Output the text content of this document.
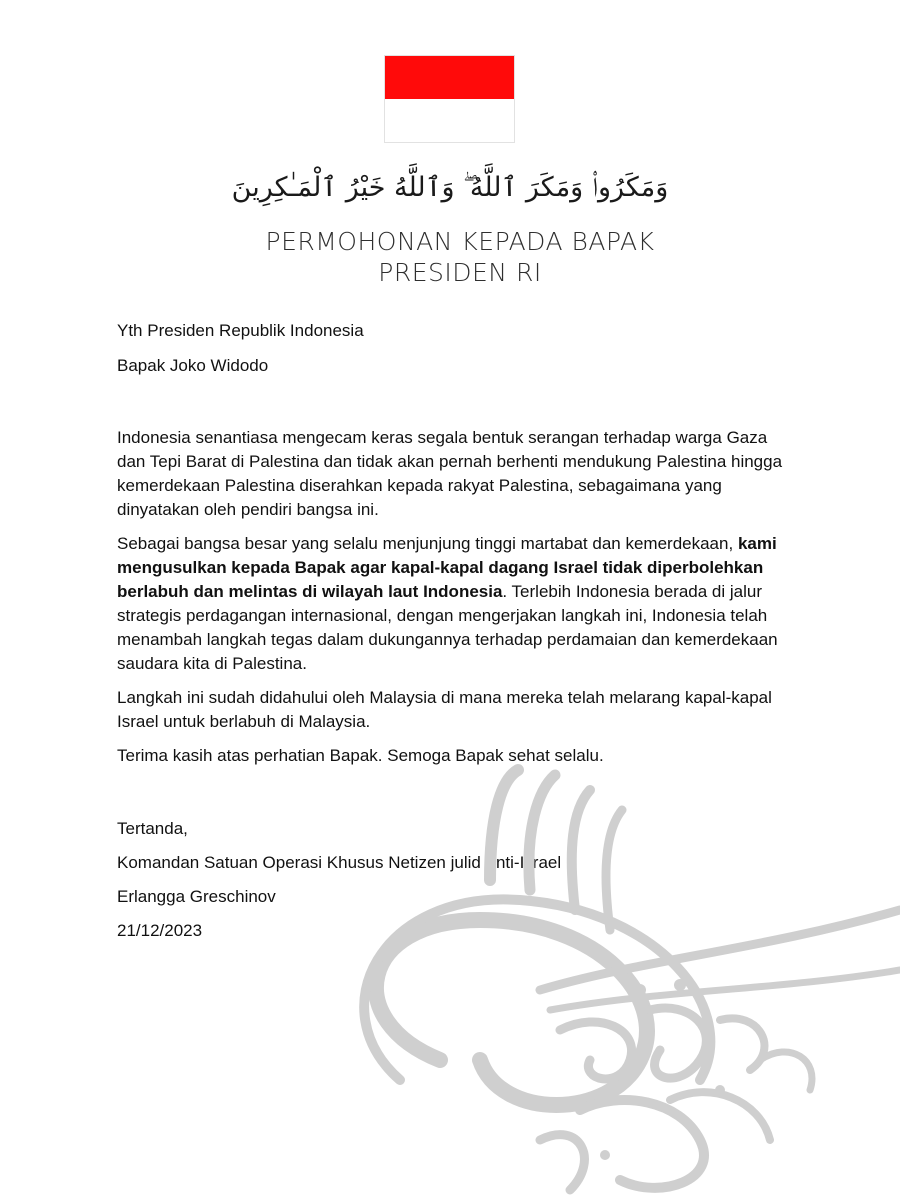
وَمَكَرُوا۟ وَمَكَرَ ٱللَّهُ ۖ وَٱللَّهُ خَيْرُ ٱلْمَـٰكِرِينَ
PERMOHONAN KEPADA BAPAK
PRESIDEN RI

Yth Presiden Republik Indonesia

Bapak Joko Widodo

Indonesia senantiasa mengecam keras segala bentuk serangan terhadap warga Gaza dan Tepi Barat di Palestina dan tidak akan pernah berhenti mendukung Palestina hingga kemerdekaan Palestina diserahkan kepada rakyat Palestina, sebagaimana yang dinyatakan oleh pendiri bangsa ini.

Sebagai bangsa besar yang selalu menjunjung tinggi martabat dan kemerdekaan, kami mengusulkan kepada Bapak agar kapal-kapal dagang Israel tidak diperbolehkan berlabuh dan melintas di wilayah laut Indonesia. Terlebih Indonesia berada di jalur strategis perdagangan internasional, dengan mengerjakan langkah ini, Indonesia telah menambah langkah tegas dalam dukungannya terhadap perdamaian dan kemerdekaan saudara kita di Palestina.

Langkah ini sudah didahului oleh Malaysia di mana mereka telah melarang kapal-kapal Israel untuk berlabuh di Malaysia.

Terima kasih atas perhatian Bapak. Semoga Bapak sehat selalu.

Tertanda,

Komandan Satuan Operasi Khusus Netizen julid Anti-Israel

Erlangga Greschinov

21/12/2023
